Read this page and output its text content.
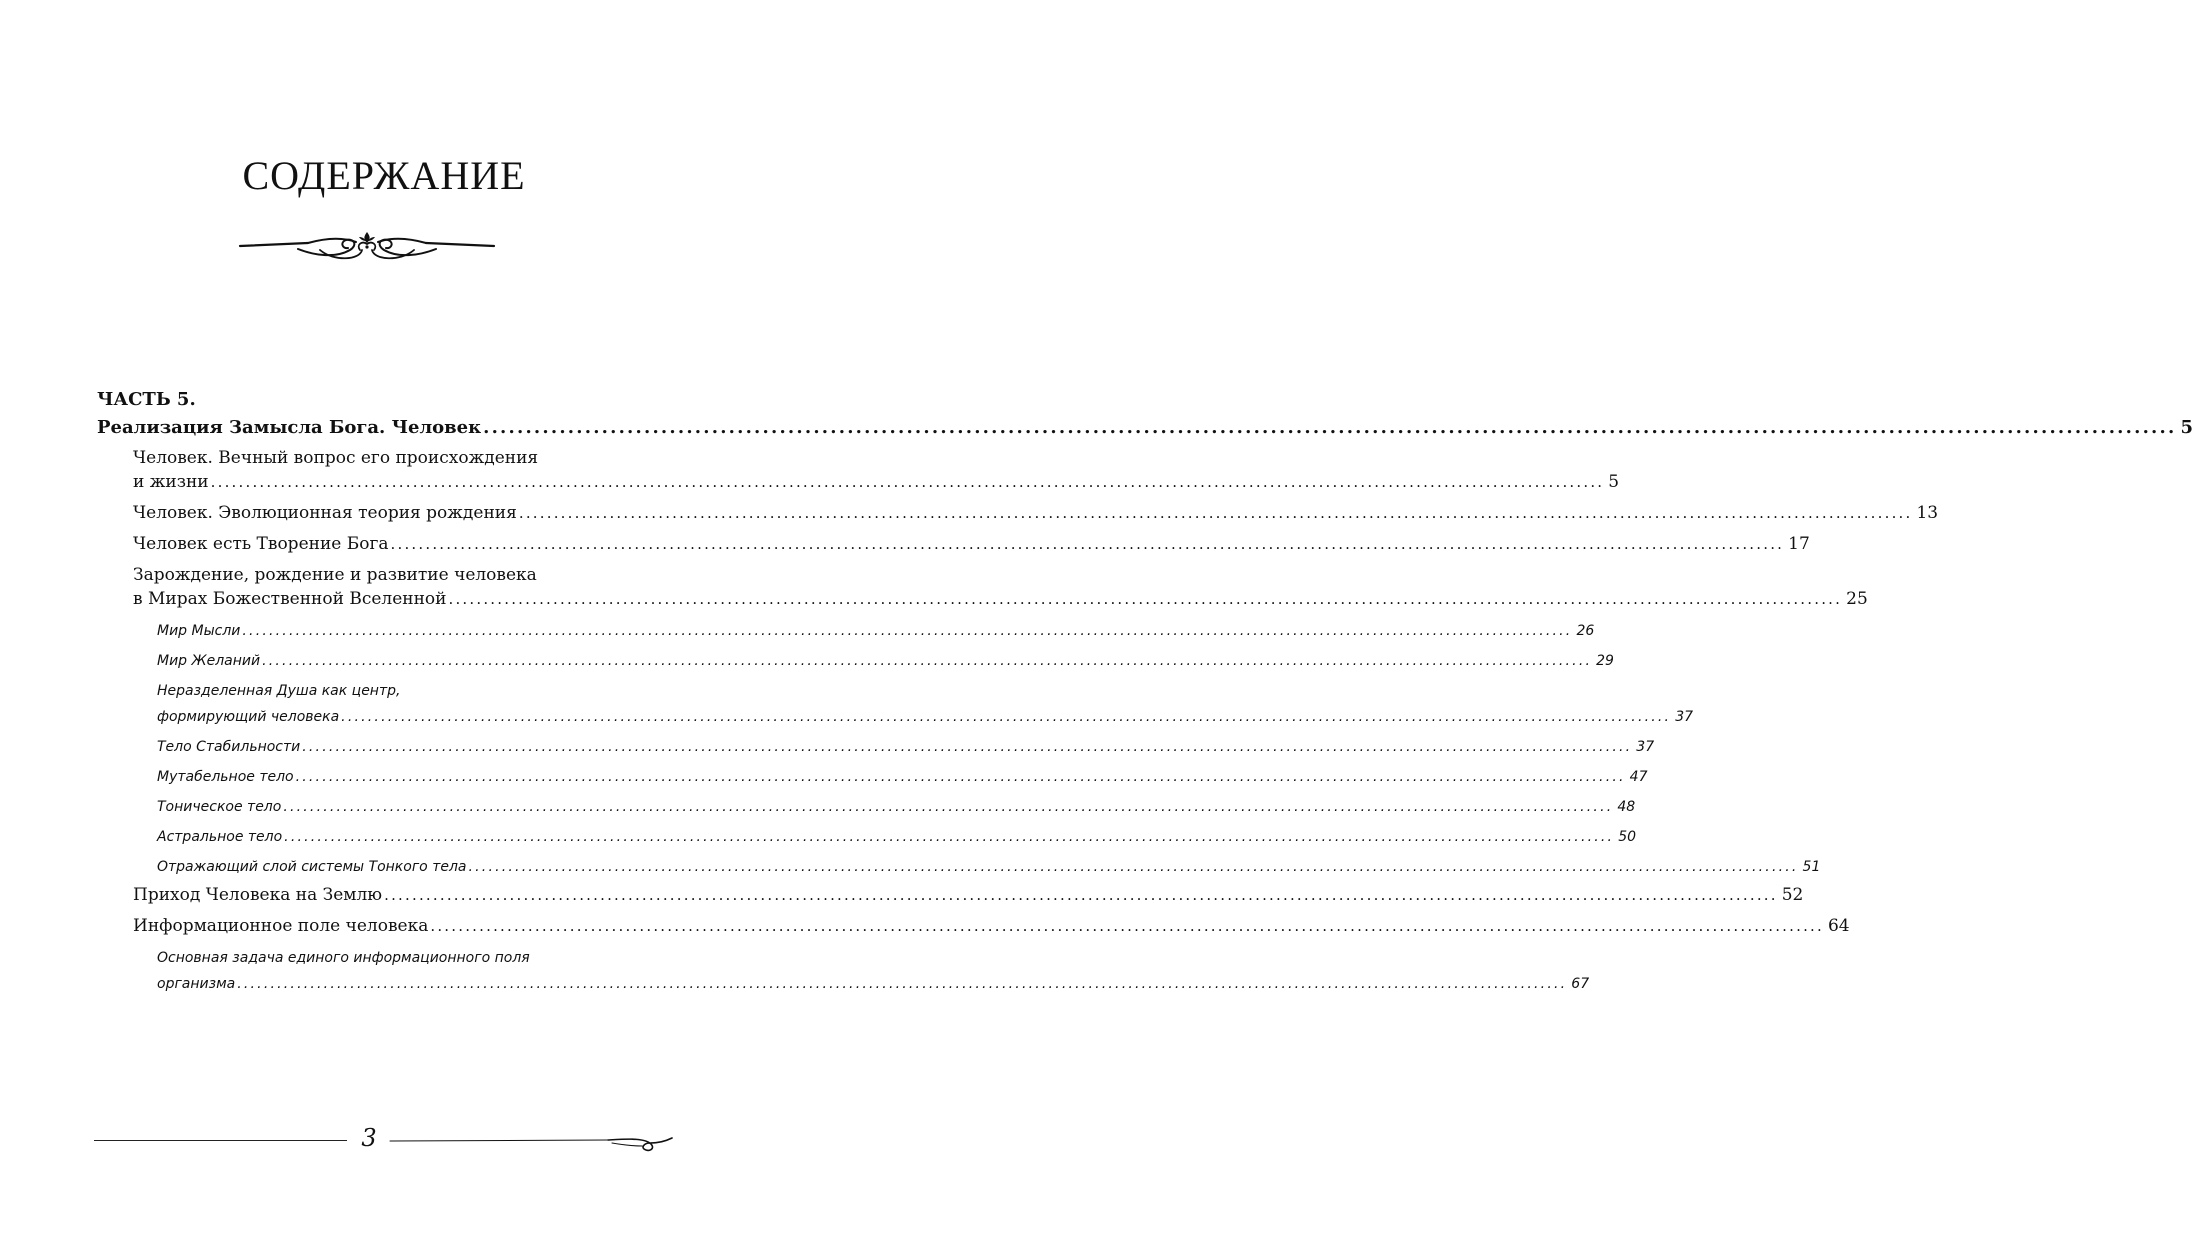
СОДЕРЖАНИЕ
ЧАСТЬ 5.
Реализация Замысла Бога. Человек ........................................................................................................................................................................................................ 5
Человек. Вечный вопрос его происхождения
и жизни ........................................................................................................................................................................................................ 5
Человек. Эволюционная теория рождения ........................................................................................................................................................................................................ 13
Человек есть Творение Бога ........................................................................................................................................................................................................ 17
Зарождение, рождение и развитие человека
в Мирах Божественной Вселенной ........................................................................................................................................................................................................ 25
Мир Мысли ........................................................................................................................................................................................................ 26
Мир Желаний ........................................................................................................................................................................................................ 29
Неразделенная Душа как центр,
формирующий человека ........................................................................................................................................................................................................ 37
Тело Стабильности ........................................................................................................................................................................................................ 37
Мутабельное тело ........................................................................................................................................................................................................ 47
Тоническое тело ........................................................................................................................................................................................................ 48
Астральное тело ........................................................................................................................................................................................................ 50
Отражающий слой системы Тонкого тела ........................................................................................................................................................................................................ 51
Приход Человека на Землю ........................................................................................................................................................................................................ 52
Информационное поле человека ........................................................................................................................................................................................................ 64
Основная задача единого информационного поля
организма ........................................................................................................................................................................................................ 67
3
